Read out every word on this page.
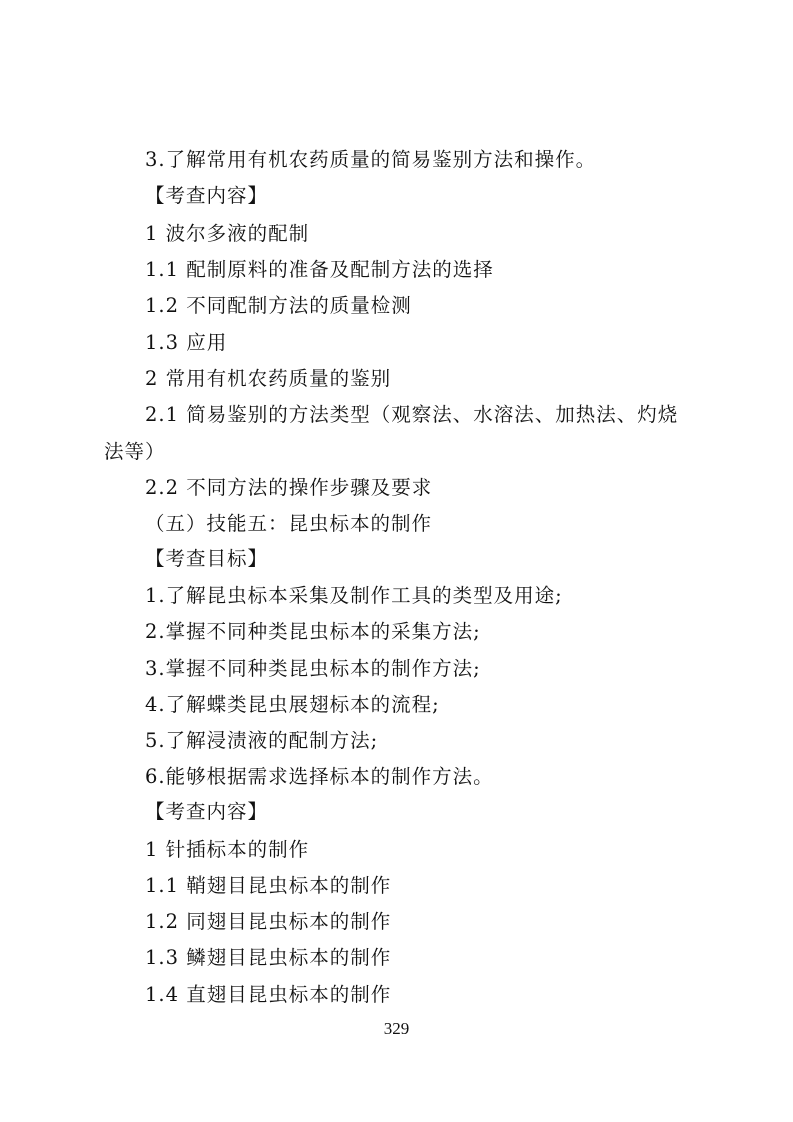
3.了解常用有机农药质量的简易鉴别方法和操作。
【考查内容】
1 波尔多液的配制
1.1 配制原料的准备及配制方法的选择
1.2 不同配制方法的质量检测
1.3 应用
2 常用有机农药质量的鉴别
2.1 简易鉴别的方法类型（观察法、水溶法、加热法、灼烧
法等）
2.2 不同方法的操作步骤及要求
（五）技能五：昆虫标本的制作
【考查目标】
1.了解昆虫标本采集及制作工具的类型及用途;
2.掌握不同种类昆虫标本的采集方法;
3.掌握不同种类昆虫标本的制作方法;
4.了解蝶类昆虫展翅标本的流程;
5.了解浸渍液的配制方法;
6.能够根据需求选择标本的制作方法。
【考查内容】
1 针插标本的制作
1.1 鞘翅目昆虫标本的制作
1.2 同翅目昆虫标本的制作
1.3 鳞翅目昆虫标本的制作
1.4 直翅目昆虫标本的制作
329
